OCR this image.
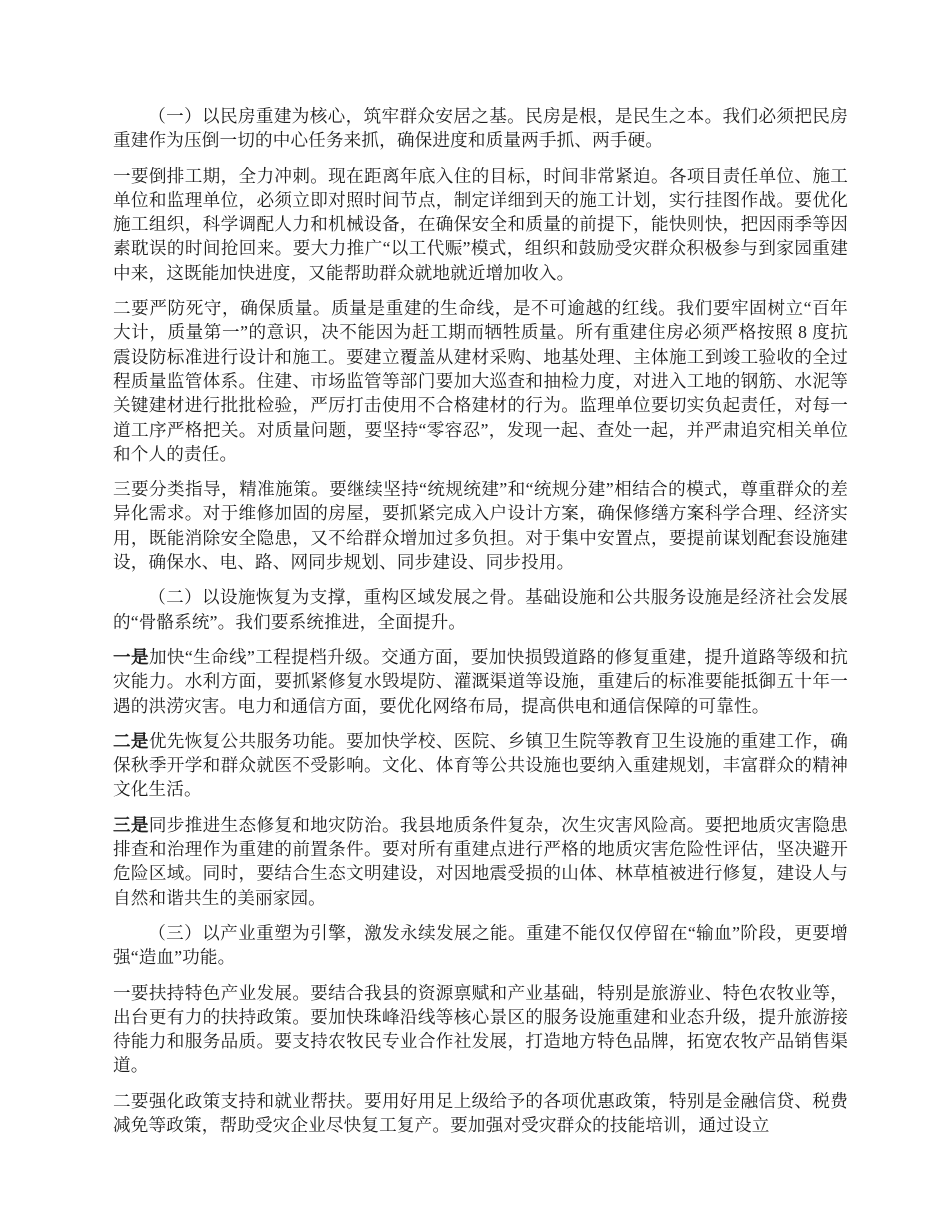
（一）以民房重建为核心，筑牢群众安居之基。民房是根，是民生之本。我们必须把民房重建作为压倒一切的中心任务来抓，确保进度和质量两手抓、两手硬。

一要倒排工期，全力冲刺。现在距离年底入住的目标，时间非常紧迫。各项目责任单位、施工单位和监理单位，必须立即对照时间节点，制定详细到天的施工计划，实行挂图作战。要优化施工组织，科学调配人力和机械设备，在确保安全和质量的前提下，能快则快，把因雨季等因素耽误的时间抢回来。要大力推广“以工代赈”模式，组织和鼓励受灾群众积极参与到家园重建中来，这既能加快进度，又能帮助群众就地就近增加收入。

二要严防死守，确保质量。质量是重建的生命线，是不可逾越的红线。我们要牢固树立“百年大计，质量第一”的意识，决不能因为赶工期而牺牲质量。所有重建住房必须严格按照 8 度抗震设防标准进行设计和施工。要建立覆盖从建材采购、地基处理、主体施工到竣工验收的全过程质量监管体系。住建、市场监管等部门要加大巡查和抽检力度，对进入工地的钢筋、水泥等关键建材进行批批检验，严厉打击使用不合格建材的行为。监理单位要切实负起责任，对每一道工序严格把关。对质量问题，要坚持“零容忍”，发现一起、查处一起，并严肃追究相关单位和个人的责任。

三要分类指导，精准施策。要继续坚持“统规统建”和“统规分建”相结合的模式，尊重群众的差异化需求。对于维修加固的房屋，要抓紧完成入户设计方案，确保修缮方案科学合理、经济实用，既能消除安全隐患，又不给群众增加过多负担。对于集中安置点，要提前谋划配套设施建设，确保水、电、路、网同步规划、同步建设、同步投用。

（二）以设施恢复为支撑，重构区域发展之骨。基础设施和公共服务设施是经济社会发展的“骨骼系统”。我们要系统推进，全面提升。

一是加快“生命线”工程提档升级。交通方面，要加快损毁道路的修复重建，提升道路等级和抗灾能力。水利方面，要抓紧修复水毁堤防、灌溉渠道等设施，重建后的标准要能抵御五十年一遇的洪涝灾害。电力和通信方面，要优化网络布局，提高供电和通信保障的可靠性。

二是优先恢复公共服务功能。要加快学校、医院、乡镇卫生院等教育卫生设施的重建工作，确保秋季开学和群众就医不受影响。文化、体育等公共设施也要纳入重建规划，丰富群众的精神文化生活。

三是同步推进生态修复和地灾防治。我县地质条件复杂，次生灾害风险高。要把地质灾害隐患排查和治理作为重建的前置条件。要对所有重建点进行严格的地质灾害危险性评估，坚决避开危险区域。同时，要结合生态文明建设，对因地震受损的山体、林草植被进行修复，建设人与自然和谐共生的美丽家园。

（三）以产业重塑为引擎，激发永续发展之能。重建不能仅仅停留在“输血”阶段，更要增强“造血”功能。

一要扶持特色产业发展。要结合我县的资源禀赋和产业基础，特别是旅游业、特色农牧业等，出台更有力的扶持政策。要加快珠峰沿线等核心景区的服务设施重建和业态升级，提升旅游接待能力和服务品质。要支持农牧民专业合作社发展，打造地方特色品牌，拓宽农牧产品销售渠道。

二要强化政策支持和就业帮扶。要用好用足上级给予的各项优惠政策，特别是金融信贷、税费减免等政策，帮助受灾企业尽快复工复产。要加强对受灾群众的技能培训，通过设立
